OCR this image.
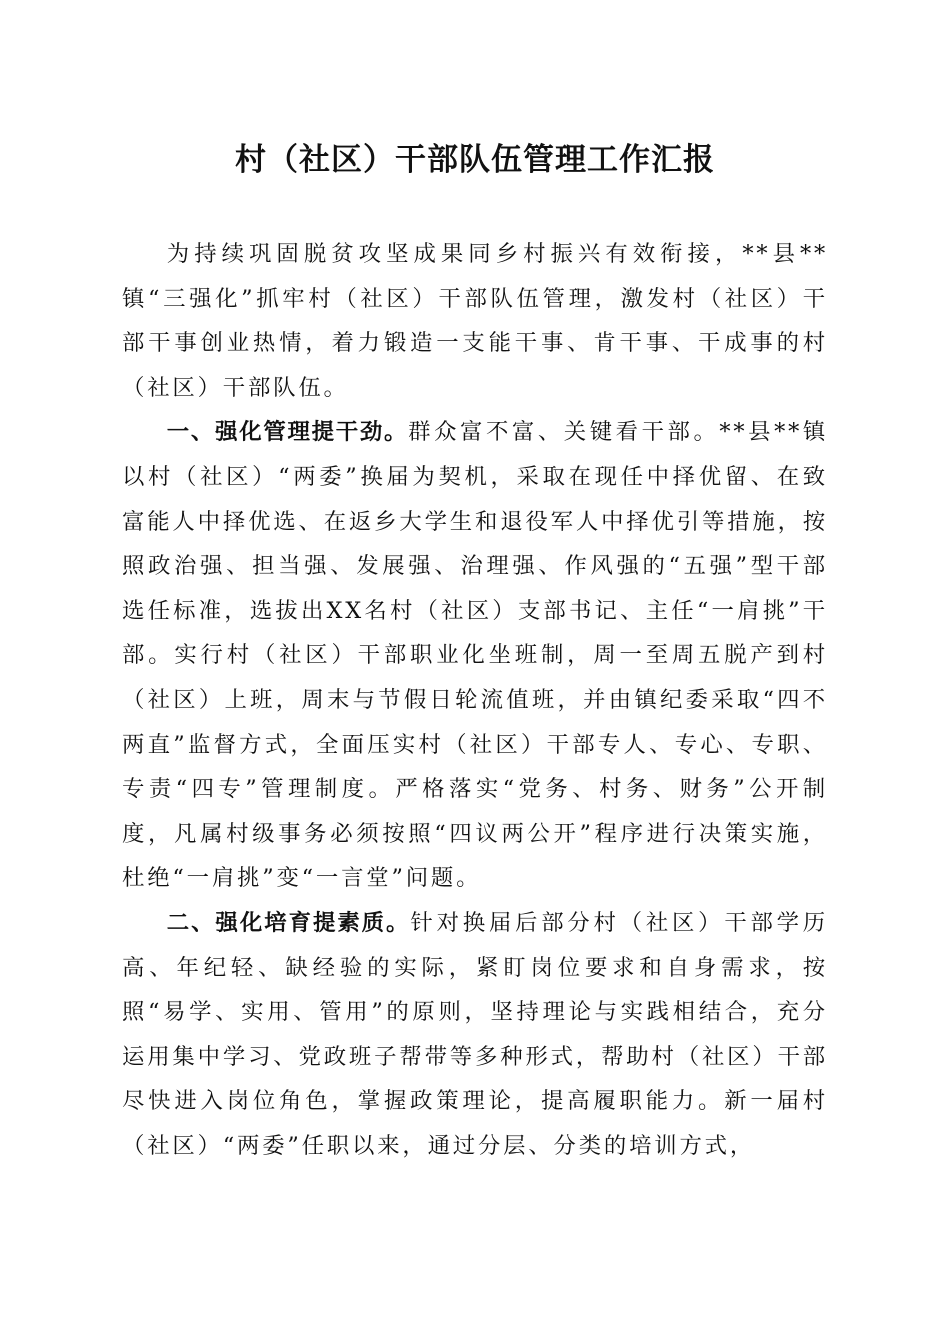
村（社区）干部队伍管理工作汇报

为持续巩固脱贫攻坚成果同乡村振兴有效衔接，**县**镇“三强化”抓牢村（社区）干部队伍管理，激发村（社区）干部干事创业热情，着力锻造一支能干事、肯干事、干成事的村（社区）干部队伍。

一、强化管理提干劲。群众富不富、关键看干部。**县**镇以村（社区）“两委”换届为契机，采取在现任中择优留、在致富能人中择优选、在返乡大学生和退役军人中择优引等措施，按照政治强、担当强、发展强、治理强、作风强的“五强”型干部选任标准，选拔出XX名村（社区）支部书记、主任“一肩挑”干部。实行村（社区）干部职业化坐班制，周一至周五脱产到村（社区）上班，周末与节假日轮流值班，并由镇纪委采取“四不两直”监督方式，全面压实村（社区）干部专人、专心、专职、专责“四专”管理制度。严格落实“党务、村务、财务”公开制度，凡属村级事务必须按照“四议两公开”程序进行决策实施，杜绝“一肩挑”变“一言堂”问题。

二、强化培育提素质。针对换届后部分村（社区）干部学历高、年纪轻、缺经验的实际，紧盯岗位要求和自身需求，按照“易学、实用、管用”的原则，坚持理论与实践相结合，充分运用集中学习、党政班子帮带等多种形式，帮助村（社区）干部尽快进入岗位角色，掌握政策理论，提高履职能力。新一届村（社区）“两委”任职以来，通过分层、分类的培训方式，
